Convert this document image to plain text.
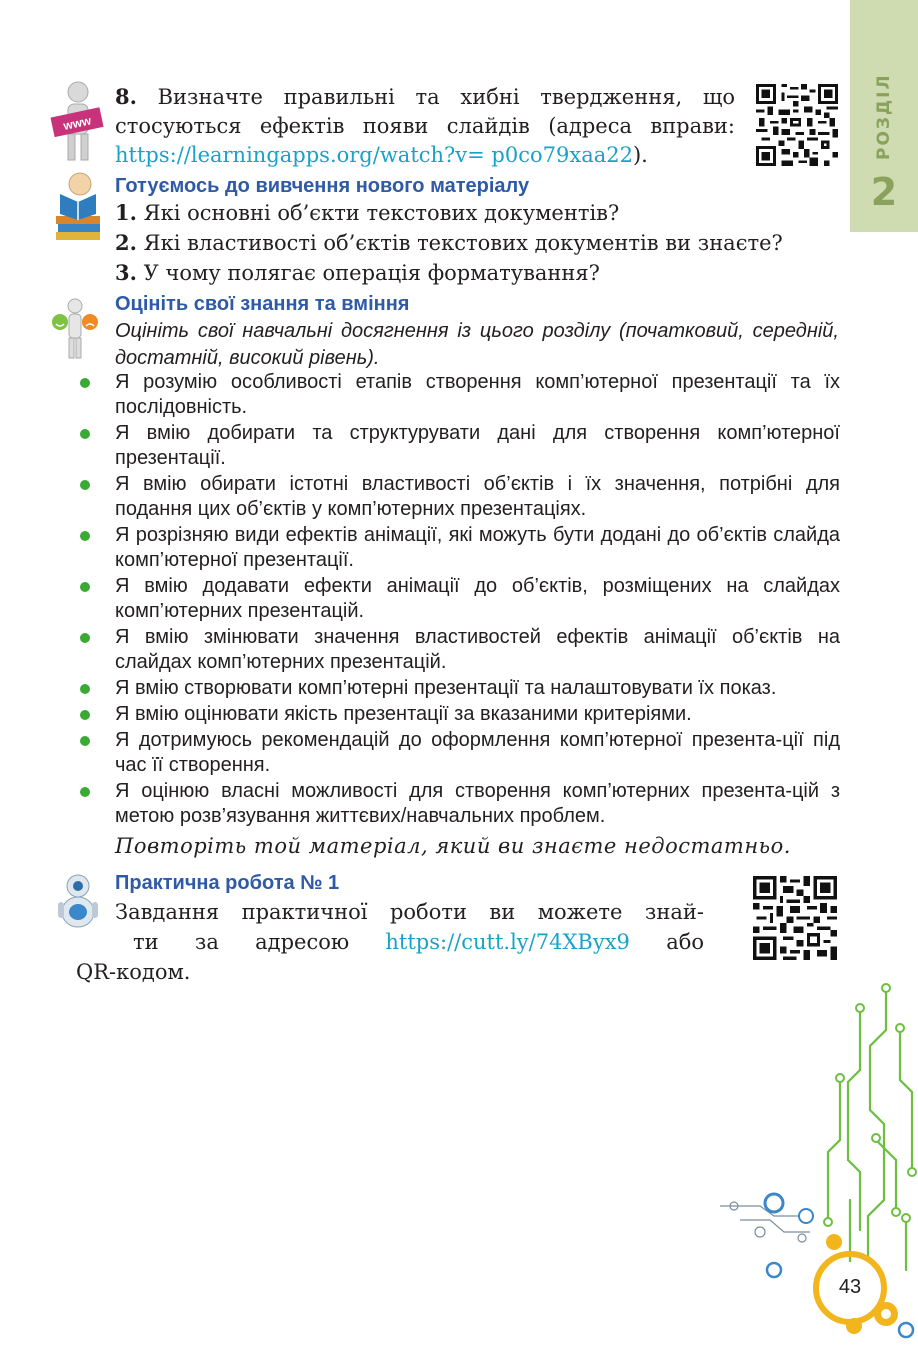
РОЗДІЛ
2
www
8. Визначте правильні та хибні твердження, що стосуються ефектів появи слайдів (адреса вправи: https://learningapps.org/watch?v= p0co79xaa22).
Готуємось до вивчення нового матеріалу
1. Які основні об’єкти текстових документів?
2. Які властивості об’єктів текстових документів ви знаєте?
3. У чому полягає операція форматування?
Оцініть свої знання та вміння
Оцініть свої навчальні досягнення із цього розділу (початковий, середній, достатній, високий рівень).
Я розумію особливості етапів створення комп’ютерної презентації та їх послідовність.
Я вмію добирати та структурувати дані для створення комп’ютерної презентації.
Я вмію обирати істотні властивості об’єктів і їх значення, потрібні для подання цих об’єктів у комп’ютерних презентаціях.
Я розрізняю види ефектів анімації, які можуть бути додані до об’єктів слайда комп’ютерної презентації.
Я вмію додавати ефекти анімації до об’єктів, розміщених на слайдах комп’ютерних презентацій.
Я вмію змінювати значення властивостей ефектів анімації об’єктів на слайдах комп’ютерних презентацій.
Я вмію створювати комп’ютерні презентації та налаштовувати їх показ.
Я вмію оцінювати якість презентації за вказаними критеріями.
Я дотримуюсь рекомендацій до оформлення комп’ютерної презента-ції під час її створення.
Я оцінюю власні можливості для створення комп’ютерних презента-цій з метою розв’язування життєвих/навчальних проблем.
Повторіть той матеріал, який ви знаєте недостатньо.
Практична робота № 1
Завдання практичної роботи ви можете знай-
ти за адресою https://cutt.ly/74XByx9 або
QR-кодом.
43
